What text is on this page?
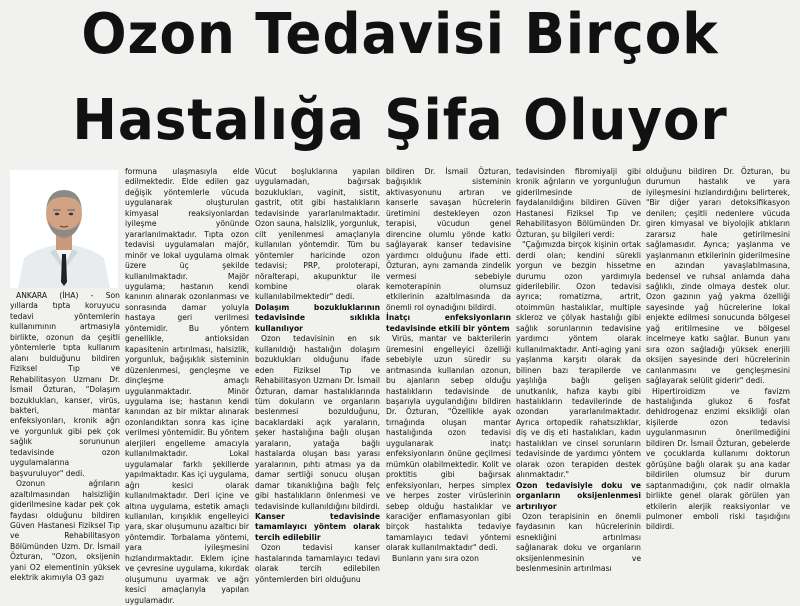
Ozon Tedavisi Birçok
Hastalığa Şifa Oluyor

ANKARA (İHA) - Son yıllarda tıpta koruyucu tedavi yöntemlerin kullanımının artmasıyla birlikte, ozonun da çeşitli yöntemlerle tıpta kullanım alanı bulduğunu bildiren Fiziksel Tıp ve Rehabilitasyon Uzmanı Dr. İsmail Özturan, "Dolaşım bozuklukları, kanser, virüs, bakteri, mantar enfeksiyonları, kronik ağrı ve yorgunluk gibi pek çok sağlık sorununun tedavisinde ozon uygulamalarına başvuruluyor" dedi.

Ozonun ağrıların azaltılmasından halsizliğin giderilmesine kadar pek çok faydası olduğunu bildiren Güven Hastanesi Fiziksel Tıp ve Rehabilitasyon Bölümünden Uzm. Dr. İsmail Özturan, "Ozon, oksijenin yani O2 elementinin yüksek elektrik akımıyla O3 gazı

formuna ulaşmasıyla elde edilmektedir. Elde edilen gaz değişik yöntemlerle vücuda uygulanarak oluşturulan kimyasal reaksiyonlardan iyileşme yönünde yararlanılmaktadır. Tıpta ozon tedavisi uygulamaları majör, minör ve lokal uygulama olmak üzere üç şekilde kullanılmaktadır. Majör uygulama; hastanın kendi kanının alınarak ozonlanması ve sonrasında damar yoluyla hastaya geri verilmesi yöntemidir. Bu yöntem genellikle, antioksidan kapasitenin artırılması, halsizlik, yorgunluk, bağışıklık sisteminin düzenlenmesi, gençleşme ve dinçleşme amaçlı uygulanmaktadır. Minör uygulama ise; hastanın kendi kanından az bir miktar alınarak ozonlandıktan sonra kas içine verilmesi yöntemidir. Bu yöntem alerjileri engelleme amacıyla kullanılmaktadır. Lokal uygulamalar farklı şekillerde yapılmaktadır. Kas içi uygulama, ağrı kesici olarak kullanılmaktadır. Deri içine ve altına uygulama, estetik amaçlı kullanılan, kırışıklık engelleyici yara, skar oluşumunu azaltıcı bir yöntemdir. Torbalama yöntemi, yara iyileşmesini hızlandırmaktadır. Eklem içine ve çevresine uygulama, kıkırdak oluşumunu uyarmak ve ağrı kesici amaçlarıyla yapılan uygulamadır.

Vücut boşluklarına yapılan uygulamadan, bağırsak bozuklukları, vaginit, sistit, gastrit, otit gibi hastalıkların tedavisinde yararlanılmaktadır. Ozon sauna, halsizlik, yorgunluk, cilt yenilenmesi amaçlarıyla kullanılan yöntemdir. Tüm bu yöntemler haricinde ozon tedavisi; PRP, proloterapi, nöralterapi, akupunktur ile kombine olarak kullanılabilmektedir" dedi.

Dolaşım bozukluklarının tedavisinde sıklıkla kullanılıyor

Ozon tedavisinin en sık kullanıldığı hastalığın dolaşım bozuklukları olduğunu ifade eden Fiziksel Tıp ve Rehabilitasyon Uzmanı Dr. İsmail Özturan, damar hastalıklarında tüm dokuların ve organların beslenmesi bozulduğunu, bacaklardaki açık yaraların, şeker hastalığına bağlı oluşan yaraların, yatağa bağlı hastalarda oluşan bası yarası yaralarının, pıhtı atması ya da damar sertliği sonucu oluşan damar tıkanıklığına bağlı felç gibi hastalıkların önlenmesi ve tedavisinde kullanıldığını bildirdi.

Kanser tedavisinde tamamlayıcı yöntem olarak tercih edilebilir

Ozon tedavisi kanser hastalarında tamamlayıcı tedavi olarak tercih edilebilen yöntemlerden biri olduğunu

bildiren Dr. İsmail Özturan, bağışıklık sisteminin aktivasyonunu artıran ve kanserle savaşan hücrelerin üretimini destekleyen ozon terapisi, vücudun genel direncine olumlu yönde katkı sağlayarak kanser tedavisine yardımcı olduğunu ifade etti. Özturan, aynı zamanda zindelik vermesi sebebiyle kemoterapinin olumsuz etkilerinin azaltılmasında da önemli rol oynadığını bildirdi.

İnatçı enfeksiyonların tedavisinde etkili bir yöntem

Virüs, mantar ve bakterilerin üremesini engelleyici özelliği sebebiyle uzun süredir su arıtmasında kullanılan ozonun, bu ajanların sebep olduğu hastalıkların tedavisinde de başarıyla uygulandığını bildiren Dr. Özturan, "Özellikle ayak tırnağında oluşan mantar hastalığında ozon tedavisi uygulanarak inatçı enfeksiyonların önüne geçilmesi mümkün olabilmektedir. Kolit ve proktitis gibi bağırsak enfeksiyonları, herpes simplex ve herpes zoster virüslerinin sebep olduğu hastalıklar ve karaciğer enflamasyonları gibi birçok hastalıkta tedaviye tamamlayıcı tedavi yöntemi olarak kullanılmaktadır" dedi.

Bunların yanı sıra ozon

tedavisinden fibromiyalji gibi kronik ağrıların ve yorgunluğun giderilmesinde de faydalanıldığını bildiren Güven Hastanesi Fiziksel Tıp ve Rehabilitasyon Bölümünden Dr. Özturan, şu bilgileri verdi:

"Çağımızda birçok kişinin ortak derdi olan; kendini sürekli yorgun ve bezgin hissetme durumu ozon yardımıyla giderilebilir. Ozon tedavisi ayrıca; romatizma, artrit, otoimmün hastalıklar, multiple skleroz ve çölyak hastalığı gibi sağlık sorunlarının tedavisine yardımcı yöntem olarak kullanılmaktadır. Anti-aging yani yaşlanma karşıtı olarak da bilinen bazı terapilerde ve yaşlılığa bağlı gelişen unutkanlık, hafıza kaybı gibi hastalıkların tedavilerinde de ozondan yararlanılmaktadır. Ayrıca ortopedik rahatsızlıklar, diş ve diş eti hastalıkları, kadın hastalıkları ve cinsel sorunların tedavisinde de yardımcı yöntem olarak ozon terapiden destek alınmaktadır."

Ozon tedavisiyle doku ve organların oksijenlenmesi artırılıyor

Ozon terapisinin en önemli faydasının kan hücrelerinin esnekliğini artırılması sağlanarak doku ve organların oksijenlenmesinin ve beslenmesinin artırılması

olduğunu bildiren Dr. Özturan, bu durumun hastalık ve yara iyileşmesini hızlandırdığını belirterek, "Bir diğer yararı detoksifikasyon denilen; çeşitli nedenlere vücuda giren kimyasal ve biyolojik atıkların zararsız hale getirilmesini sağlamasıdır. Ayrıca; yaşlanma ve yaşlanmanın etkilerinin giderilmesine en azından yavaşlatılmasına, bedensel ve ruhsal anlamda daha sağlıklı, zinde olmaya destek olur. Ozon gazının yağ yakma özelliği sayesinde yağ hücrelerine lokal enjekte edilmesi sonucunda bölgesel yağ eritilmesine ve bölgesel incelmeye katkı sağlar. Bunun yanı sıra ozon sağladığı yüksek enerjili oksijen sayesinde deri hücrelerinin canlanmasını ve gençleşmesini sağlayarak selülit giderir" dedi.

Hipertiroidizm ve favizm hastalığında glukoz 6 fosfat dehidrogenaz enzimi eksikliği olan kişilerde ozon tedavisi uygulanmasının önerilmediğini bildiren Dr. İsmail Özturan, gebelerde ve çocuklarda kullanımı doktorun görüşüne bağlı olarak şu ana kadar bildirilen olumsuz bir durum saptanmadığını, çok nadir olmakla birlikte genel olarak görülen yan etkilerin alerjik reaksiyonlar ve pulmoner emboli riski taşıdığını bildirdi.
